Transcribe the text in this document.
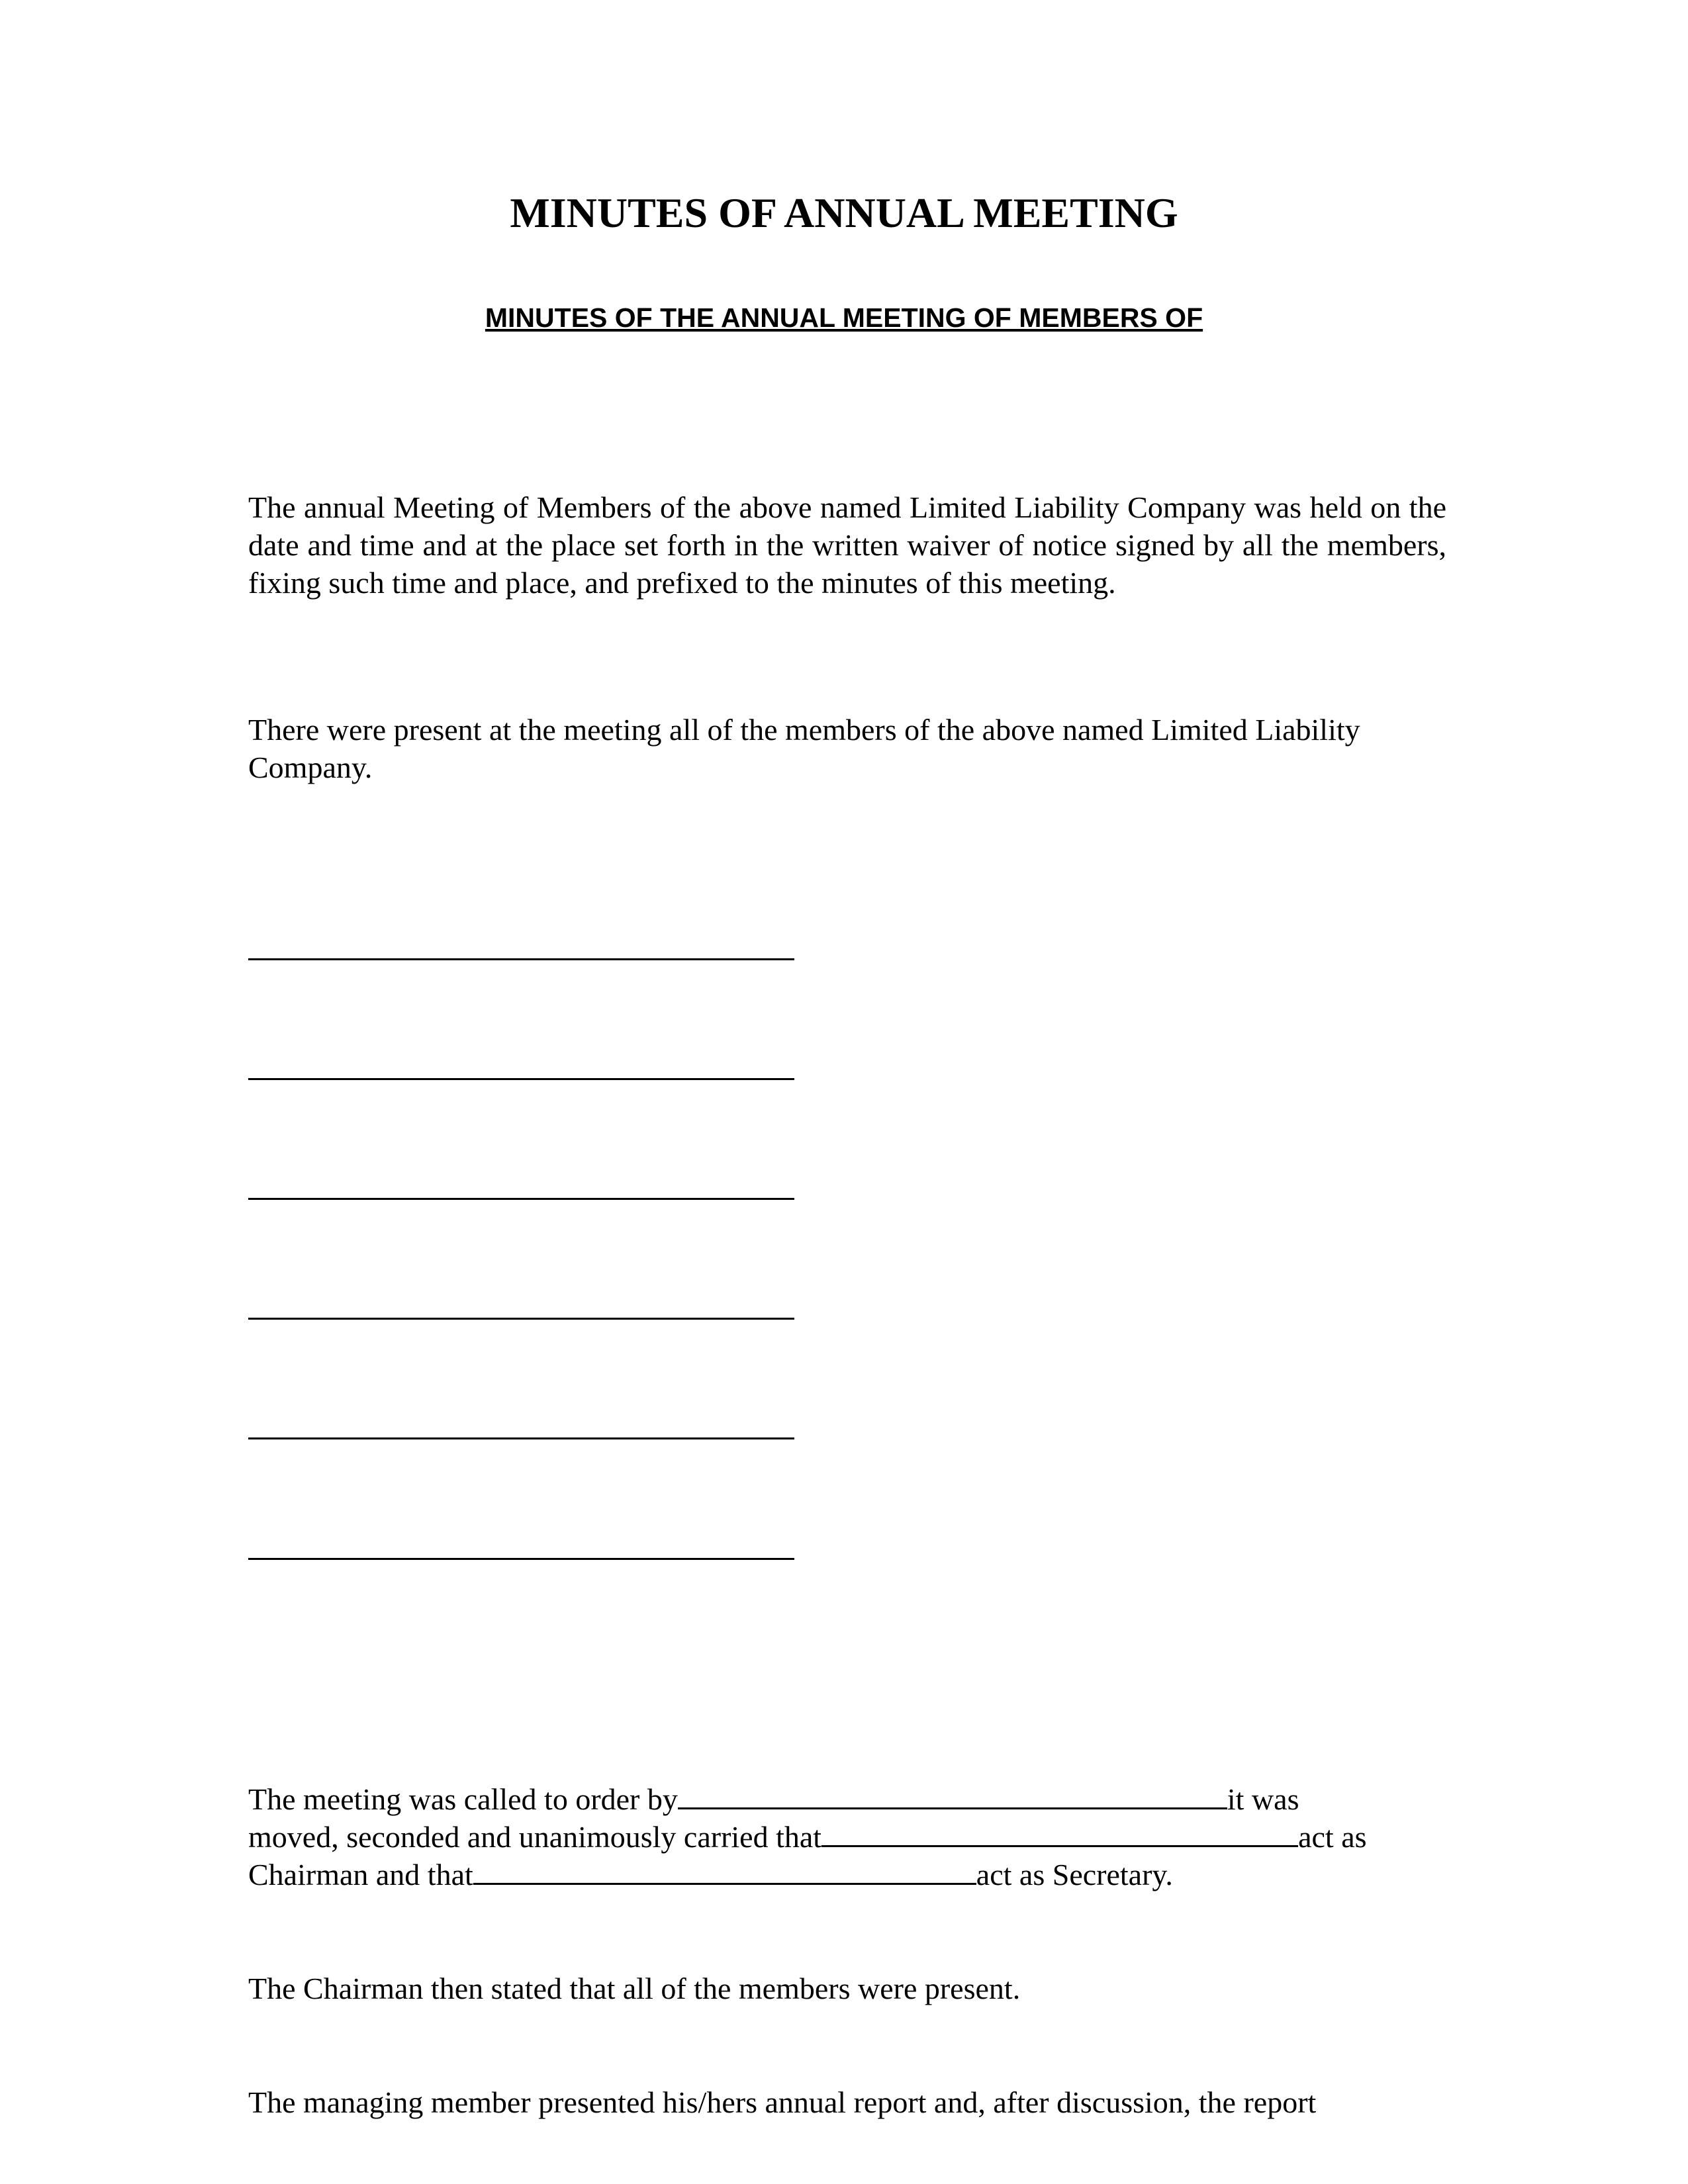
MINUTES OF ANNUAL MEETING
MINUTES OF THE ANNUAL MEETING OF MEMBERS OF

The annual Meeting of Members of the above named Limited Liability Company was held on the date and time and at the place set forth in the written waiver of notice signed by all the members, fixing such time and place, and prefixed to the minutes of this meeting.

There were present at the meeting all of the members of the above named Limited Liability Company.

The meeting was called to order by	it was
moved, seconded and unanimously carried that	act as
Chairman and that	act as Secretary.

The Chairman then stated that all of the members were present.

The managing member presented his/hers annual report and, after discussion, the report
